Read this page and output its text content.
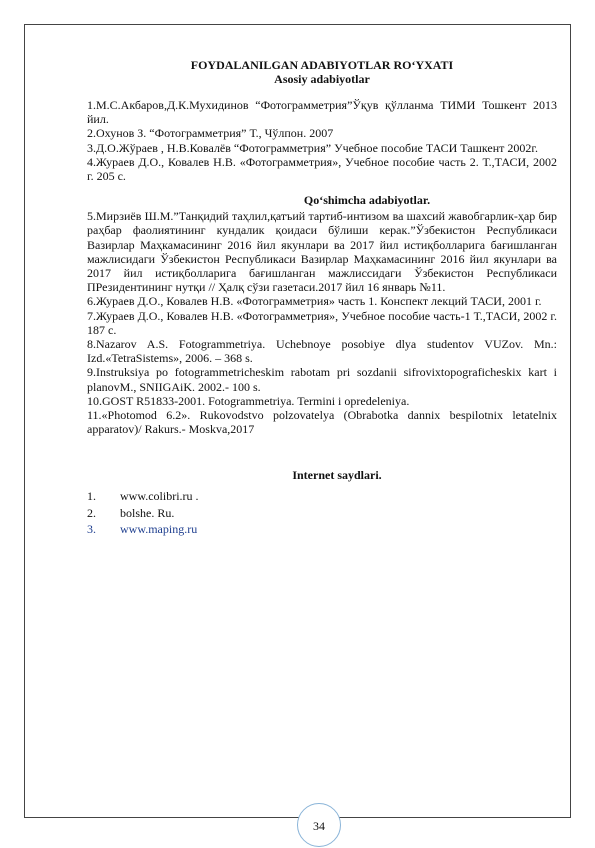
FOYDALANILGAN ADABIYOTLAR RO‘YXATI
Asosiy adabiyotlar

1.М.С.Акбаров,Д.К.Мухидинов “Фотограмметрия”Ўқув қўлланма ТИМИ Тошкент 2013 йил.

2.Охунов З. “Фотограмметрия” Т., Чўлпон. 2007

3.Д.О.Жўраев , Н.В.Ковалёв “Фотограмметрия” Учебное пособие ТАСИ Ташкент 2002г.

4.Жураев Д.О., Ковалев Н.В. «Фотограмметрия», Учебное пособие часть 2. Т.,ТАСИ, 2002 г. 205 с.

Qo‘shimcha adabiyotlar.

5.Мирзиёв Ш.М.”Танқидий таҳлил,қатъий тартиб-интизом ва шахсий жавобгарлик-ҳар бир раҳбар фаолиятининг кундалик қоидаси бўлиши керак.”Ўзбекистон Республикаси Вазирлар Маҳкамасининг 2016 йил якунлари ва 2017 йил истиқболларига бағишланган мажлисидаги Ўзбекистон Республикаси Вазирлар Маҳкамасининг 2016 йил якунлари ва 2017 йил истиқболларига бағишланган мажлиссидаги Ўзбекистон Республикаси ПРезидентининг нутқи // Ҳалқ сўзи газетаси.2017 йил 16 январь №11.

6.Жураев Д.О., Ковалев Н.В. «Фотограмметрия» часть 1. Конспект лекций ТАСИ, 2001 г.

7.Жураев Д.О., Ковалев Н.В. «Фотограмметрия», Учебное пособие часть-1 Т.,ТАСИ, 2002 г. 187 с.

8.Nazarov A.S. Fotogrammetriya. Uchebnoye posobiye dlya studentov VUZov. Mn.: Izd.«TetraSistems», 2006. – 368 s.

9.Instruksiya po fotogrammetricheskim rabotam pri sozdanii sifrovixtopograficheskix kart i planovM., SNIIGAiK. 2002.- 100 s.

10.GOST R51833-2001. Fotogrammetriya. Termini i opredeleniya.

11.«Photomod 6.2». Rukovodstvo polzovatelya (Obrabotka dannix bespilotnix letatelnix apparatov)/ Rakurs.- Moskva,2017

Internet saydlari.
1.	www.colibri.ru .
2.	bolshe. Ru.
3.	www.maping.ru
34
